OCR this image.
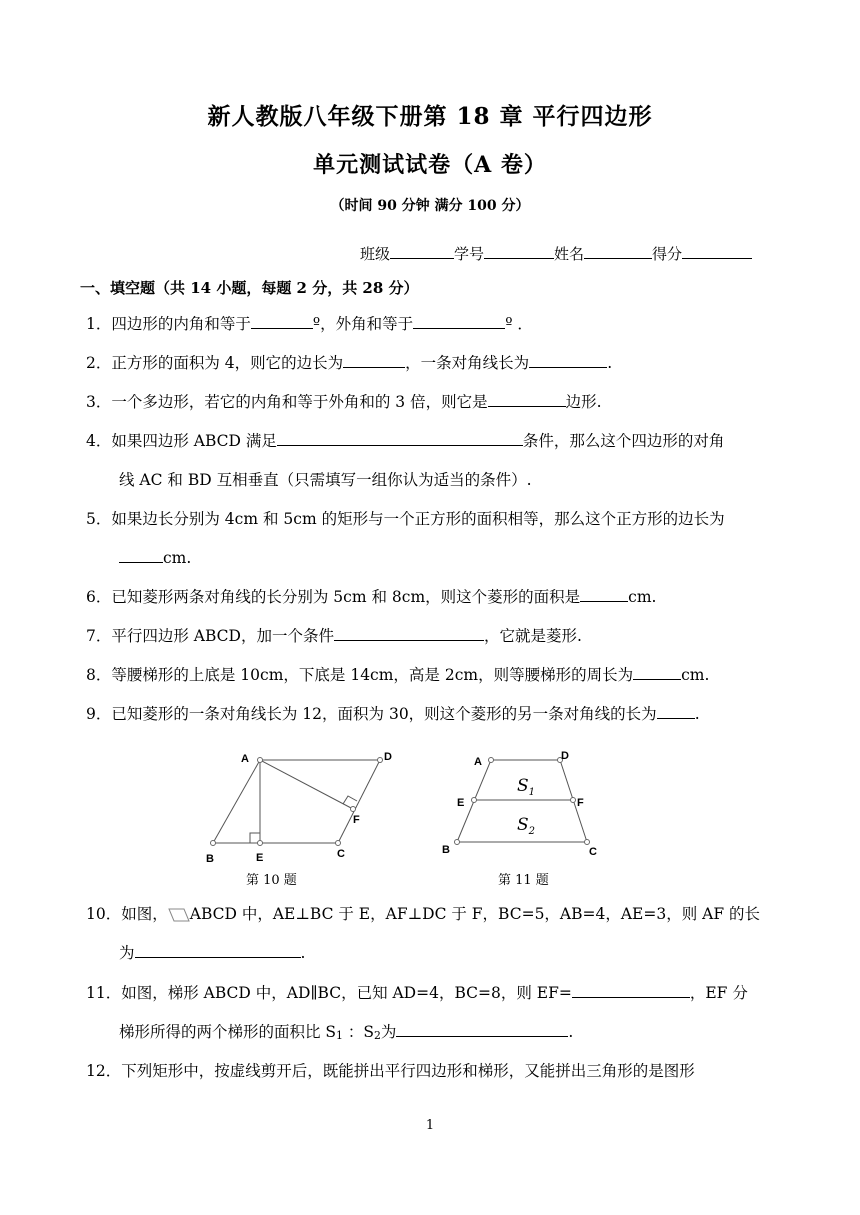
新人教版八年级下册第 18 章 平行四边形
单元测试试卷（A 卷）
（时间 90 分钟 满分 100 分）
班级	学号	姓名	得分
一、填空题（共 14 小题，每题 2 分，共 28 分）
1．四边形的内角和等于	º，外角和等于	º ．
2．正方形的面积为 4，则它的边长为	，一条对角线长为	.
3．一个多边形，若它的内角和等于外角和的 3 倍，则它是	边形.
4．如果四边形 ABCD 满足	条件，那么这个四边形的对角
线 AC 和 BD 互相垂直（只需填写一组你认为适当的条件）.
5．如果边长分别为 4cm 和 5cm 的矩形与一个正方形的面积相等，那么这个正方形的边长为
cm.
6．已知菱形两条对角线的长分别为 5cm 和 8cm，则这个菱形的面积是	cm.
7．平行四边形 ABCD，加一个条件	，它就是菱形.
8．等腰梯形的上底是 10cm，下底是 14cm，高是 2cm，则等腰梯形的周长为	cm.
9．已知菱形的一条对角线长为 12，面积为 30，则这个菱形的另一条对角线的长为 .
A	D
B	E	C
F
第 10 题
A	D
E	F
B	C
$S_1$
$S_2$
第 11 题
10．如图， ABCD 中，AE⊥BC 于 E，AF⊥DC 于 F，BC=5，AB=4，AE=3，则 AF 的长
为	.
11．如图，梯形 ABCD 中，AD∥BC，已知 AD=4，BC=8，则 EF=	，EF 分
梯形所得的两个梯形的面积比 S1 ：S2为	.
12．下列矩形中，按虚线剪开后，既能拼出平行四边形和梯形，又能拼出三角形的是图形
1
